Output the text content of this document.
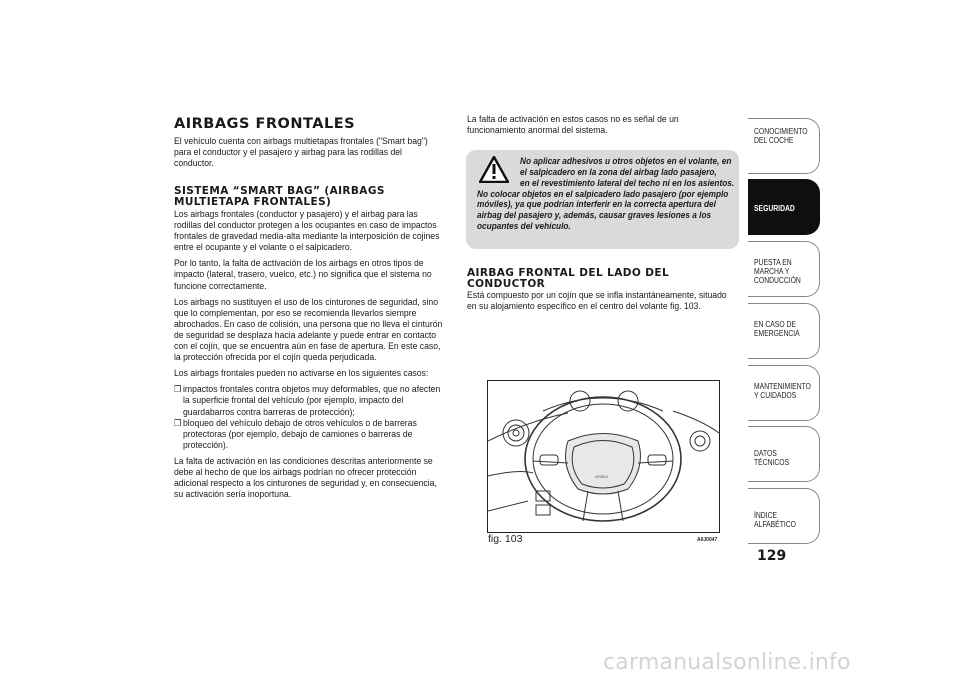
AIRBAGS FRONTALES

El vehículo cuenta con airbags multietapas frontales ("Smart bag") para el conductor y el pasajero y airbag para las rodillas del conductor.

SISTEMA “SMART BAG” (AIRBAGS
MULTIETAPA FRONTALES)

Los airbags frontales (conductor y pasajero) y el airbag para las rodillas del conductor protegen a los ocupantes en caso de impactos frontales de gravedad media-alta mediante la interposición de cojines entre el ocupante y el volante o el salpicadero.

Por lo tanto, la falta de activación de los airbags en otros tipos de impacto (lateral, trasero, vuelco, etc.) no significa que el sistema no funcione correctamente.

Los airbags no sustituyen el uso de los cinturones de seguridad, sino que lo complementan, por eso se recomienda llevarlos siempre abrochados. En caso de colisión, una persona que no lleva el cinturón de seguridad se desplaza hacia adelante y puede entrar en contacto con el cojín, que se encuentra aún en fase de apertura. En este caso, la protección ofrecida por el cojín queda perjudicada.

Los airbags frontales pueden no activarse en los siguientes casos:

❒ impactos frontales contra objetos muy deformables, que no afecten la superficie frontal del vehículo (por ejemplo, impacto del guardabarros contra barreras de protección);
❒ bloqueo del vehículo debajo de otros vehículos o de barreras protectoras (por ejemplo, debajo de camiones o barreras de protección).

La falta de activación en las condiciones descritas anteriormente se debe al hecho de que los airbags podrían no ofrecer protección adicional respecto a los cinturones de seguridad y, en consecuencia, su activación sería inoportuna.

La falta de activación en estos casos no es señal de un funcionamiento anormal del sistema.

No aplicar adhesivos u otros objetos en el volante, en
el salpicadero en la zona del airbag lado pasajero,
en el revestimiento lateral del techo ni en los asientos.
No colocar objetos en el salpicadero lado pasajero (por ejemplo
móviles), ya que podrían interferir en la correcta apertura del
airbag del pasajero y, además, causar graves lesiones a los
ocupantes del vehículo.
AIRBAG FRONTAL DEL LADO DEL
CONDUCTOR

Está compuesto por un cojín que se infla instantáneamente, situado en su alojamiento específico en el centro del volante fig. 103.

AIRBAG
fig. 103	A0J0047
CONOCIMIENTO DEL COCHE
SEGURIDAD
PUESTA EN MARCHA Y CONDUCCIÓN
EN CASO DE EMERGENCIA
MANTENIMIENTO Y CUIDADOS
DATOS TÉCNICOS
ÍNDICE ALFABÉTICO
129
carmanualsonline.info
